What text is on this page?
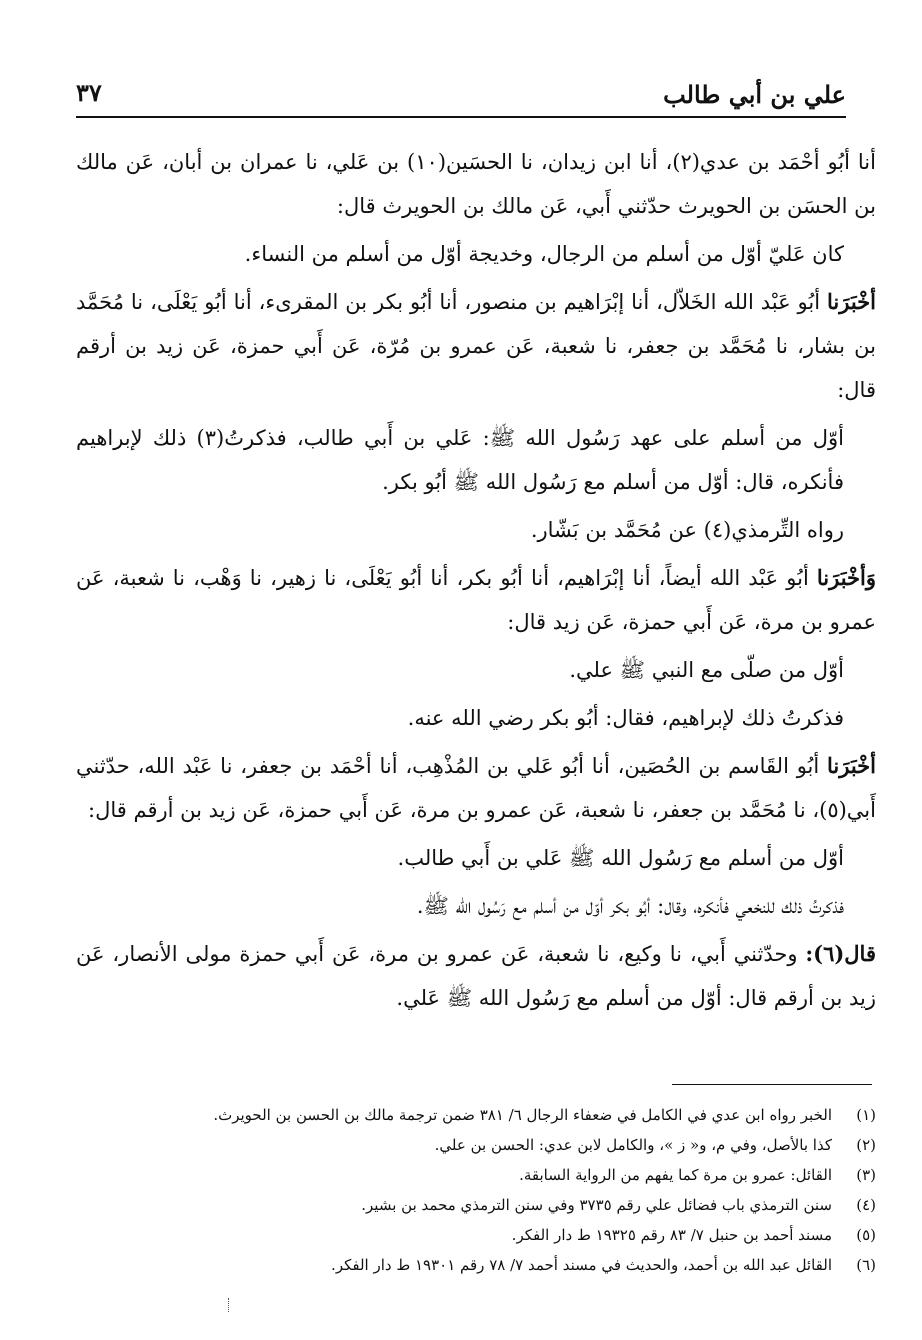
علي بن أبي طالب
٣٧

أنا أبُو أحْمَد بن عدي(٢)، أنا ابن زيدان، نا الحسَين(١٠) بن عَلي، نا عمران بن أبان، عَن مالك بن الحسَن بن الحويرث حدّثني أَبي، عَن مالك بن الحويرث قال:

كان عَليّ أوّل من أسلم من الرجال، وخديجة أوّل من أسلم من النساء.

أخْبَرَنا أبُو عَبْد الله الخَلاّل، أنا إبْرَاهيم بن منصور، أنا أبُو بكر بن المقرىء، أنا أبُو يَعْلَى، نا مُحَمَّد بن بشار، نا مُحَمَّد بن جعفر، نا شعبة، عَن عمرو بن مُرّة، عَن أَبي حمزة، عَن زيد بن أرقم قال:

أوّل من أسلم على عهد رَسُول الله ﷺ: عَلي بن أَبي طالب، فذكرتُ(٣) ذلك لإبراهيم فأنكره، قال: أوّل من أسلم مع رَسُول الله ﷺ أبُو بكر.

رواه التِّرمذي(٤) عن مُحَمَّد بن بَشّار.

وَأخْبَرَنا أبُو عَبْد الله أيضاً، أنا إبْرَاهيم، أنا أبُو بكر، أنا أبُو يَعْلَى، نا زهير، نا وَهْب، نا شعبة، عَن عمرو بن مرة، عَن أَبي حمزة، عَن زيد قال:

أوّل من صلّى مع النبي ﷺ علي.

فذكرتُ ذلك لإبراهيم، فقال: أبُو بكر رضي الله عنه.

أخْبَرَنا أبُو القَاسم بن الحُصَين، أنا أبُو عَلي بن المُذْهِب، أنا أحْمَد بن جعفر، نا عَبْد الله، حدّثني أَبي(٥)، نا مُحَمَّد بن جعفر، نا شعبة، عَن عمرو بن مرة، عَن أَبي حمزة، عَن زيد بن أرقم قال:

أوّل من أسلم مع رَسُول الله ﷺ عَلي بن أَبي طالب.

فذكرتُ ذلك للنخعي فأنكره، وقال: أبُو بكر أوّل من أسلم مع رَسُول الله ﷺ.

قال(٦): وحدّثني أَبي، نا وكيع، نا شعبة، عَن عمرو بن مرة، عَن أَبي حمزة مولى الأنصار، عَن زيد بن أرقم قال: أوّل من أسلم مع رَسُول الله ﷺ عَلي.

(١)
الخبر رواه ابن عدي في الكامل في ضعفاء الرجال ٦/ ٣٨١ ضمن ترجمة مالك بن الحسن بن الحويرث.
(٢)
كذا بالأصل، وفي م، و« ز »، والكامل لابن عدي: الحسن بن علي.
(٣)
القائل: عمرو بن مرة كما يفهم من الرواية السابقة.
(٤)
سنن الترمذي باب فضائل علي رقم ٣٧٣٥ وفي سنن الترمذي محمد بن بشير.
(٥)
مسند أحمد بن حنبل ٧/ ٨٣ رقم ١٩٣٢٥ ط دار الفكر.
(٦)
القائل عبد الله بن أحمد، والحديث في مسند أحمد ٧/ ٧٨ رقم ١٩٣٠١ ط دار الفكر.
